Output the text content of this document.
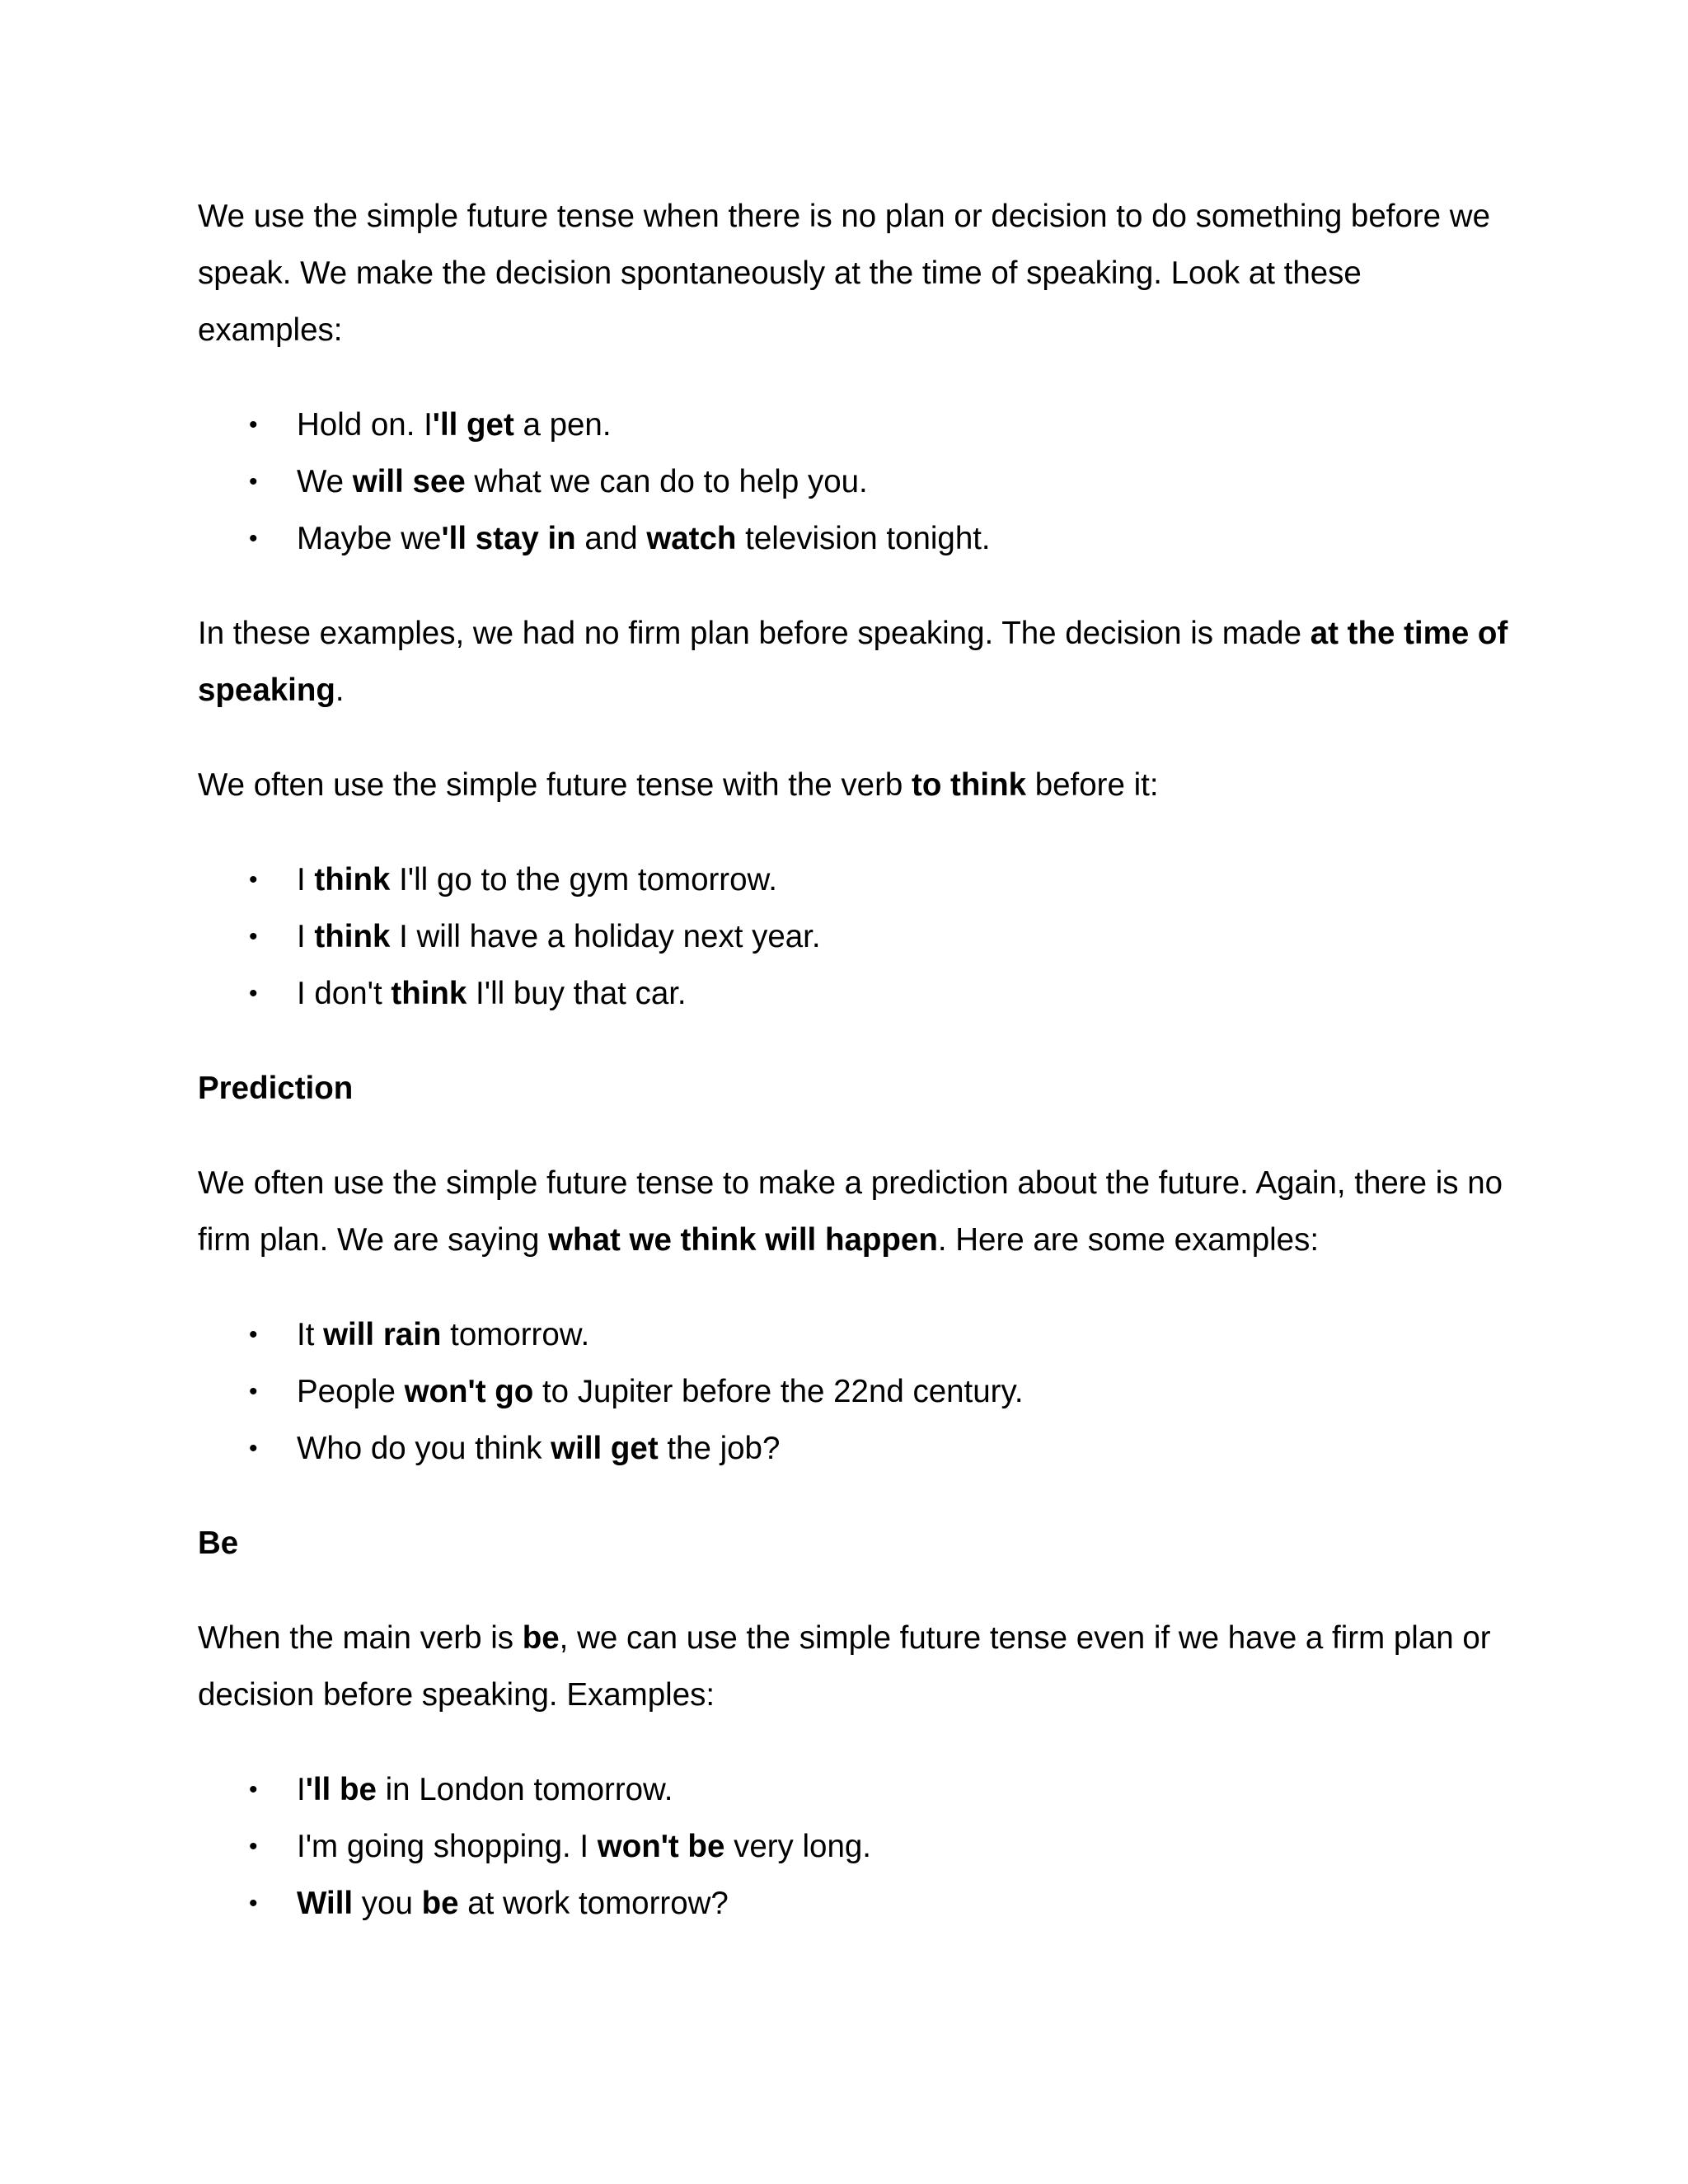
We use the simple future tense when there is no plan or decision to do something before we speak. We make the decision spontaneously at the time of speaking. Look at these examples:

• Hold on. I'll get a pen.
• We will see what we can do to help you.
• Maybe we'll stay in and watch television tonight.

In these examples, we had no firm plan before speaking. The decision is made at the time of speaking.

We often use the simple future tense with the verb to think before it:

• I think I'll go to the gym tomorrow.
• I think I will have a holiday next year.
• I don't think I'll buy that car.

Prediction

We often use the simple future tense to make a prediction about the future. Again, there is no firm plan. We are saying what we think will happen. Here are some examples:

• It will rain tomorrow.
• People won't go to Jupiter before the 22nd century.
• Who do you think will get the job?

Be

When the main verb is be, we can use the simple future tense even if we have a firm plan or decision before speaking. Examples:

• I'll be in London tomorrow.
• I'm going shopping. I won't be very long.
• Will you be at work tomorrow?
